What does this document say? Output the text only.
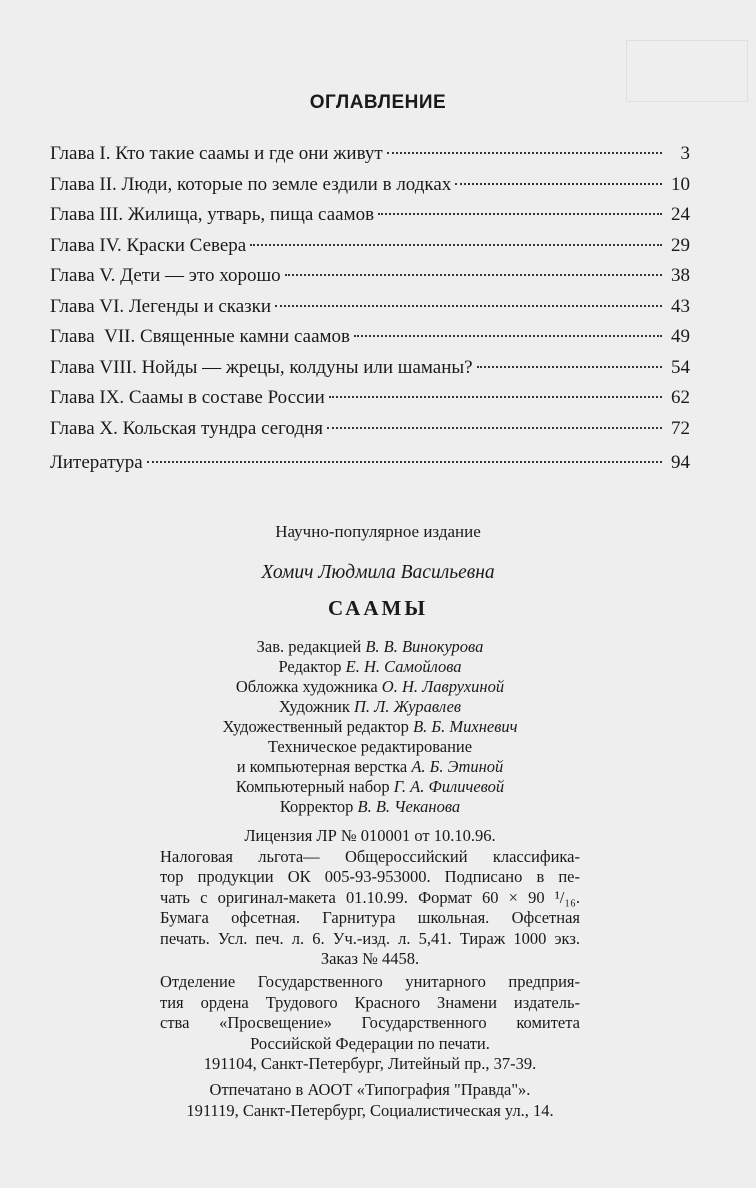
ОГЛАВЛЕНИЕ
Глава I. Кто такие саамы и где они живут	3
Глава II. Люди, которые по земле ездили в лодках	10
Глава III. Жилища, утварь, пища саамов	24
Глава IV. Краски Севера	29
Глава V. Дети — это хорошо	38
Глава VI. Легенды и сказки	43
Глава  VII. Священные камни саамов	49
Глава VIII. Нойды — жрецы, колдуны или шаманы?	54
Глава IX. Саамы в составе России	62
Глава X. Кольская тундра сегодня	72
Литература	94
Научно-популярное издание
Хомич Людмила Васильевна
СААМЫ
Зав. редакцией В. В. Винокурова
Редактор Е. Н. Самойлова
Обложка художника О. Н. Лаврухиной
Художник П. Л. Журавлев
Художественный редактор В. Б. Михневич
Техническое редактирование
и компьютерная верстка А. Б. Этиной
Компьютерный набор Г. А. Филичевой
Корректор В. В. Чеканова
Лицензия ЛР № 010001 от 10.10.96.
Налоговая льгота— Общероссийский классифика-
тор продукции ОК 005-93-953000. Подписано в пе-
чать с оригинал-макета 01.10.99. Формат 60 × 90 ¹/₁₆.
Бумага офсетная. Гарнитура школьная. Офсетная
печать. Усл. печ. л. 6. Уч.-изд. л. 5,41. Тираж 1000 экз.
Заказ № 4458.
Отделение Государственного унитарного предприя-
тия ордена Трудового Красного Знамени издатель-
ства «Просвещение» Государственного комитета
Российской Федерации по печати.
191104, Санкт-Петербург, Литейный пр., 37-39.
Отпечатано в АООТ «Типография "Правда"».
191119, Санкт-Петербург, Социалистическая ул., 14.
